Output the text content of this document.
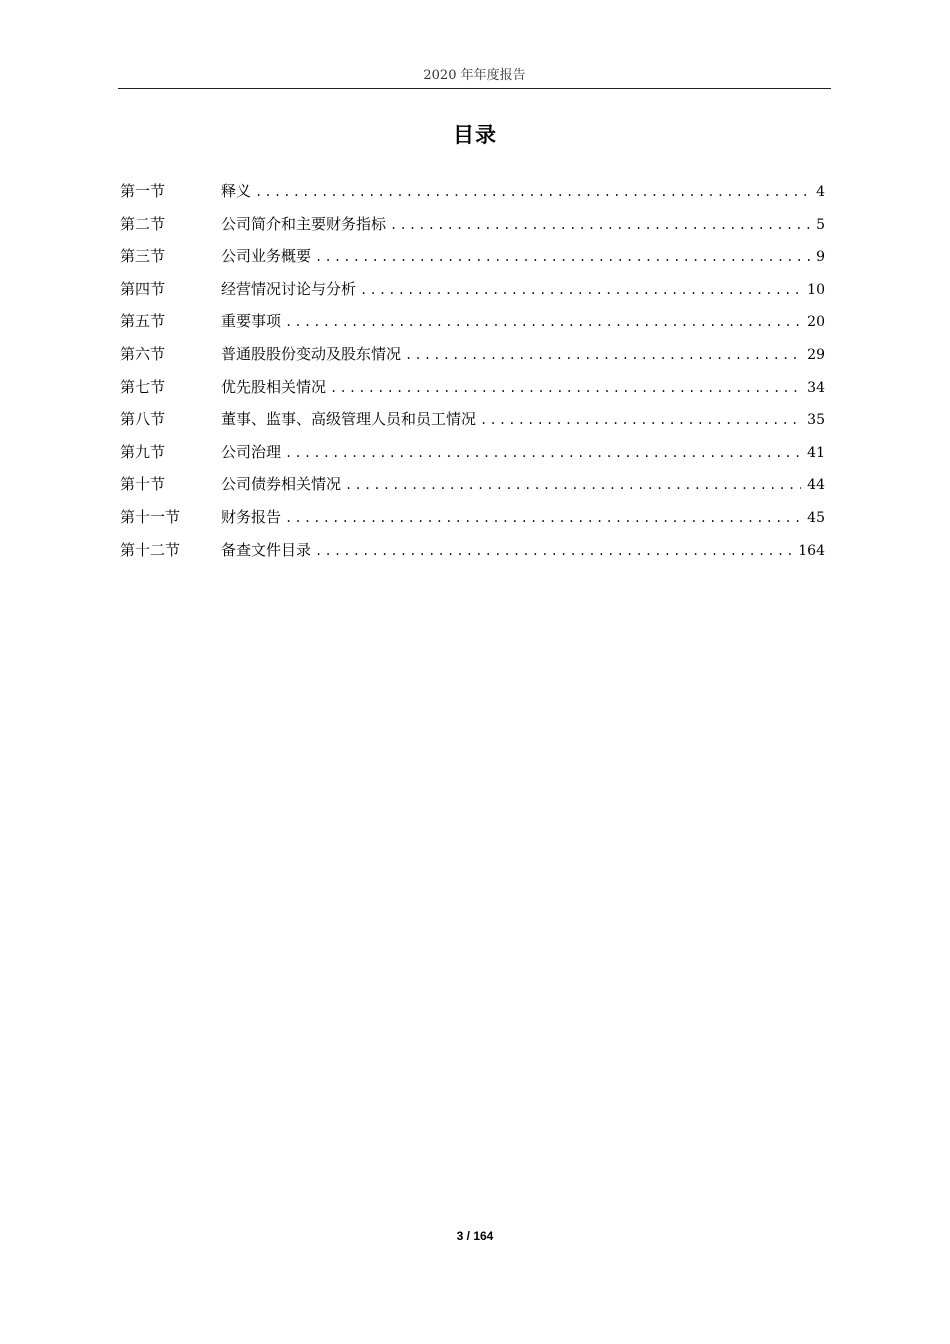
2020 年年度报告
目录
第一节	释义 .....	4
第二节	公司简介和主要财务指标 .....	5
第三节	公司业务概要 .....	9
第四节	经营情况讨论与分析 .....	10
第五节	重要事项 .....	20
第六节	普通股股份变动及股东情况 .....	29
第七节	优先股相关情况 .....	34
第八节	董事、监事、高级管理人员和员工情况 .....	35
第九节	公司治理 .....	41
第十节	公司债券相关情况 .....	44
第十一节	财务报告 .....	45
第十二节	备查文件目录 .....	164
3 / 164
